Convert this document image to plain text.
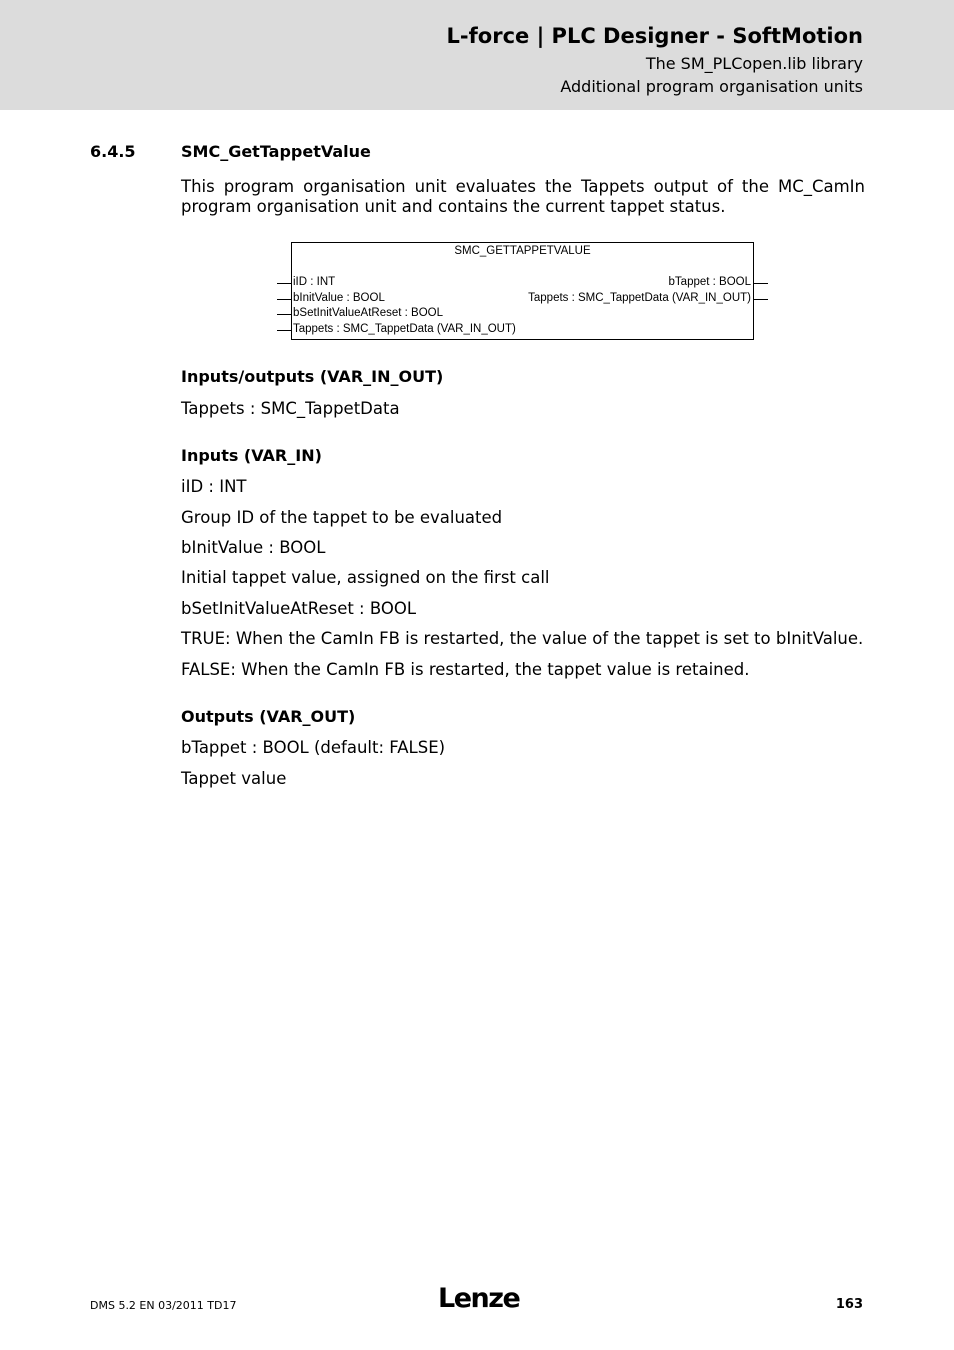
L-force | PLC Designer - SoftMotion
The SM_PLCopen.lib library
Additional program organisation units
6.4.5	SMC_GetTappetValue
This program organisation unit evaluates the Tappets output of the MC_CamIn program organisation unit and contains the current tappet status.
SMC_GETTAPPETVALUE
iID : INT
bInitValue : BOOL
bSetInitValueAtReset : BOOL
Tappets : SMC_TappetData (VAR_IN_OUT)
bTappet : BOOL
Tappets : SMC_TappetData (VAR_IN_OUT)
Inputs/outputs (VAR_IN_OUT)
Tappets : SMC_TappetData
Inputs (VAR_IN)
iID : INT
Group ID of the tappet to be evaluated
bInitValue : BOOL
Initial tappet value, assigned on the first call
bSetInitValueAtReset : BOOL
TRUE: When the CamIn FB is restarted, the value of the tappet is set to bInitValue.
FALSE: When the CamIn FB is restarted, the tappet value is retained.
Outputs (VAR_OUT)
bTappet : BOOL (default: FALSE)
Tappet value
DMS 5.2 EN 03/2011 TD17	Lenze	163
